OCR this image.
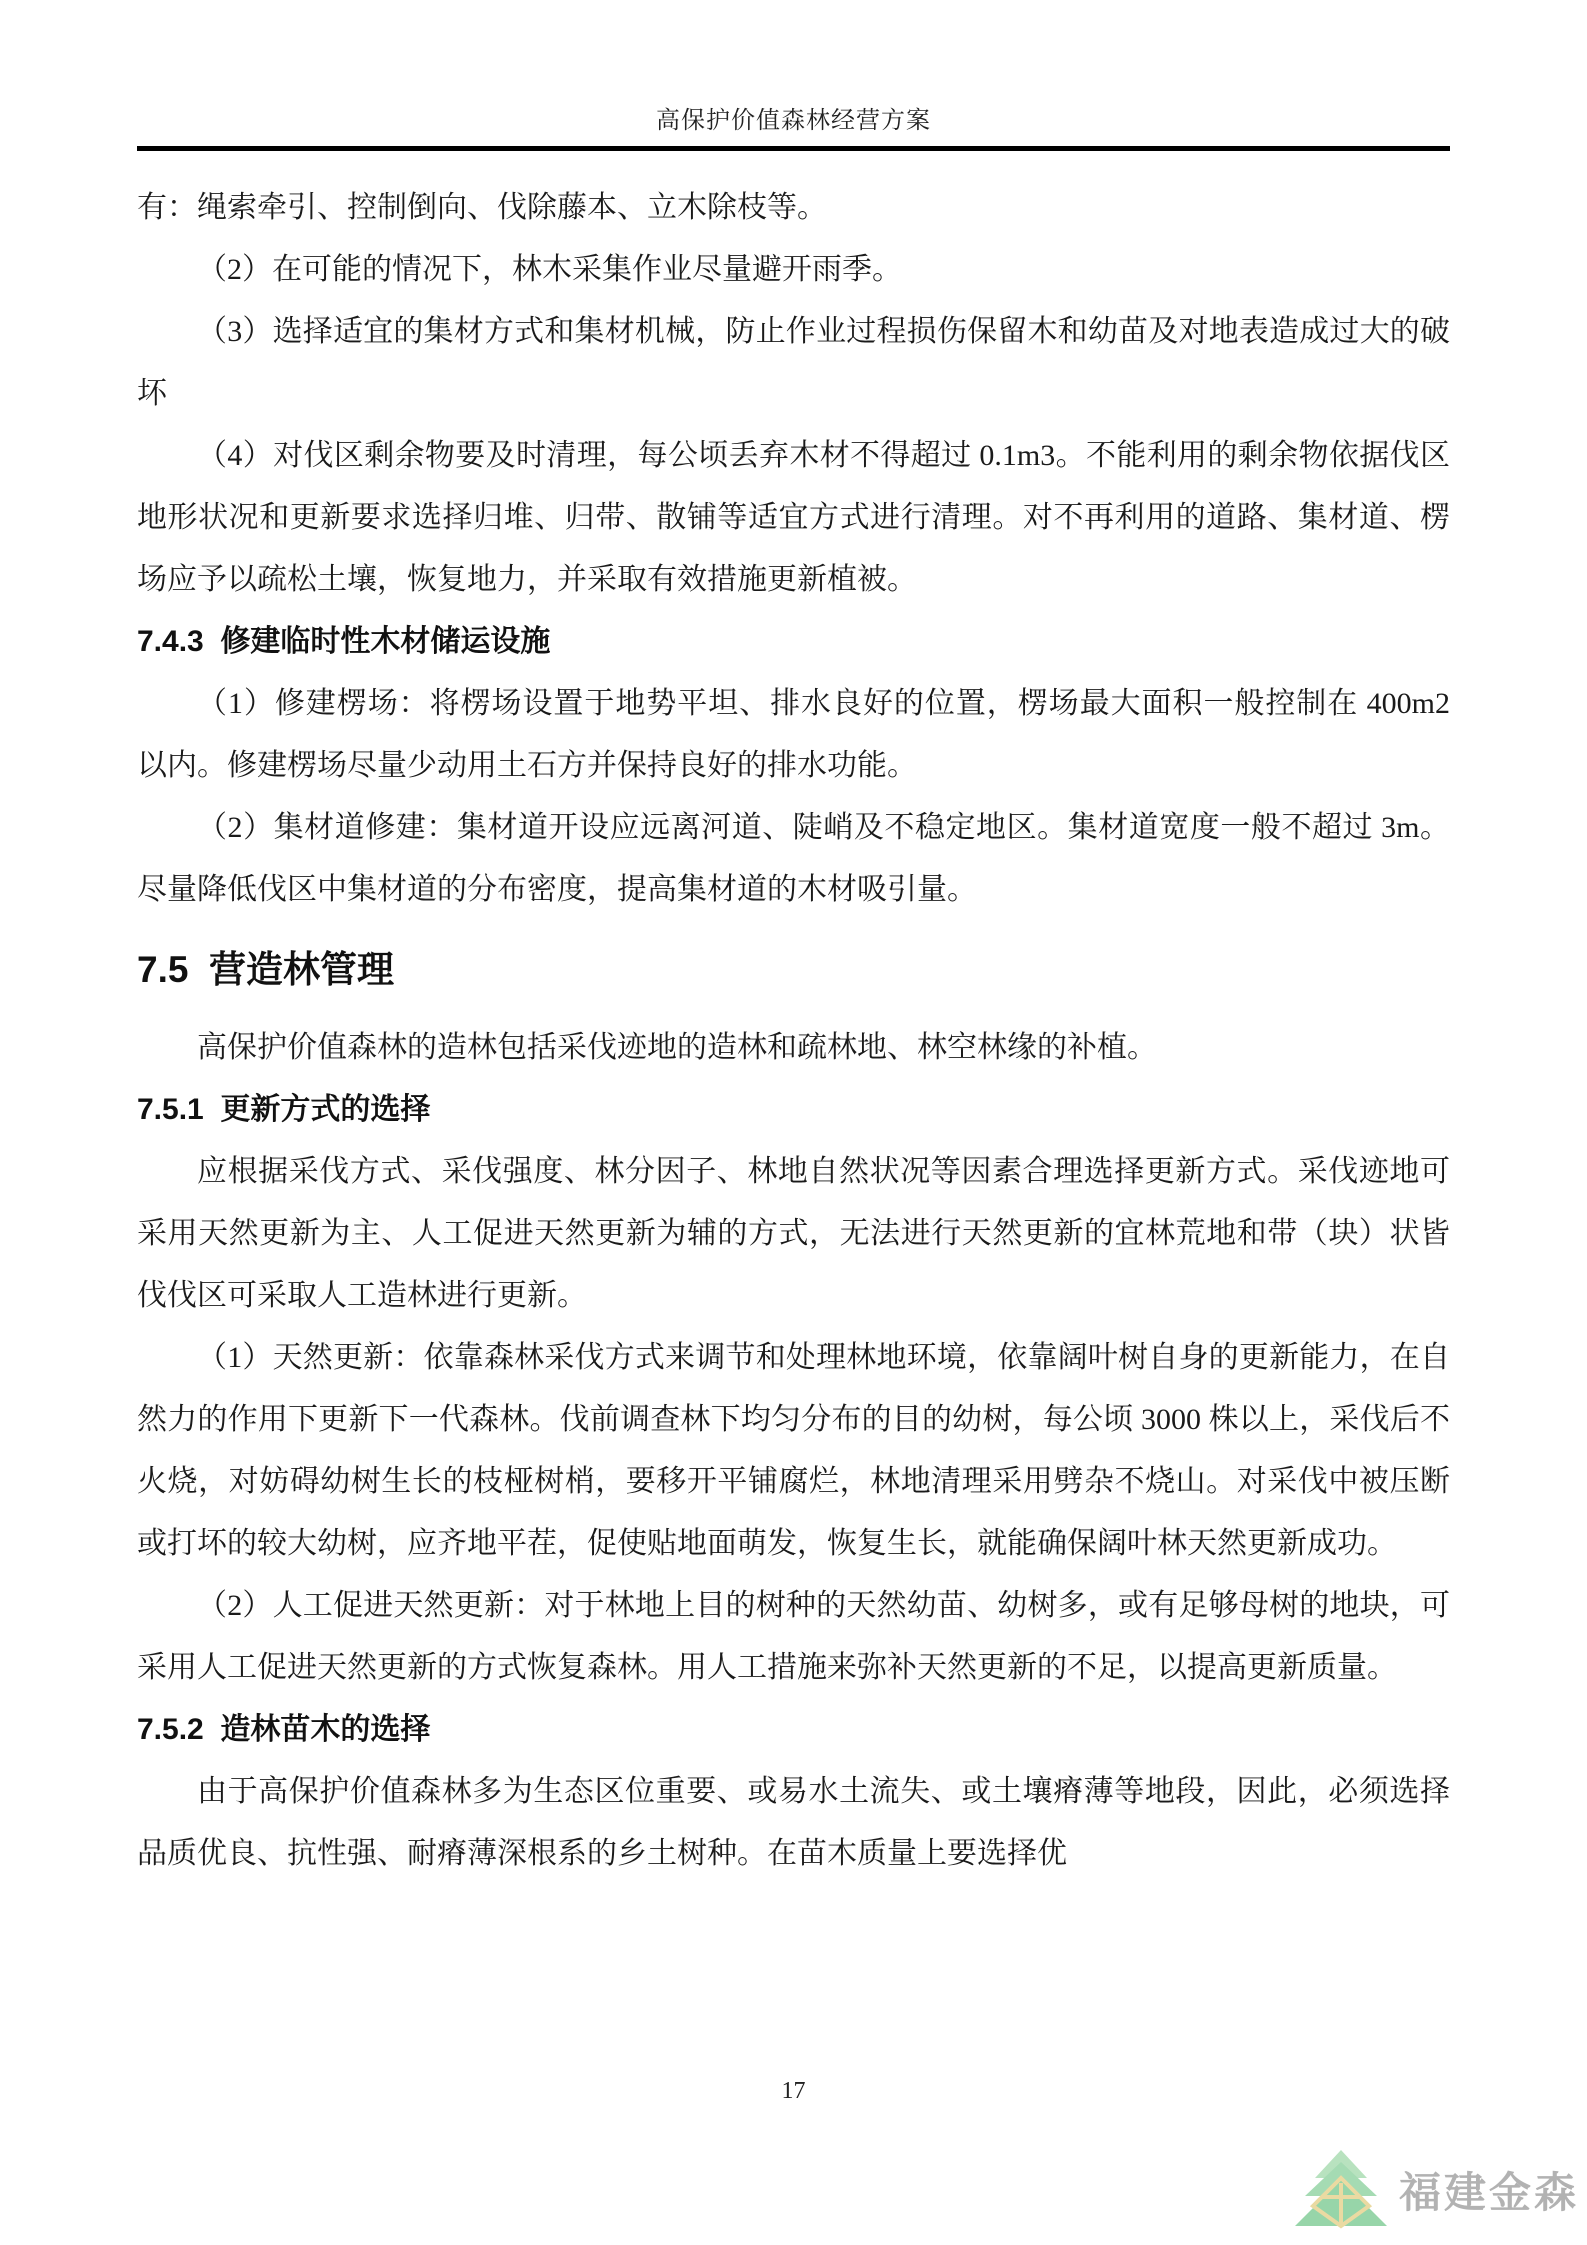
高保护价值森林经营方案

有：绳索牵引、控制倒向、伐除藤本、立木除枝等。

（2）在可能的情况下，林木采集作业尽量避开雨季。

（3）选择适宜的集材方式和集材机械，防止作业过程损伤保留木和幼苗及对地表造成过大的破坏

（4）对伐区剩余物要及时清理，每公顷丢弃木材不得超过 0.1m3。不能利用的剩余物依据伐区地形状况和更新要求选择归堆、归带、散铺等适宜方式进行清理。对不再利用的道路、集材道、楞场应予以疏松土壤，恢复地力，并采取有效措施更新植被。

7.4.3  修建临时性木材储运设施

（1）修建楞场：将楞场设置于地势平坦、排水良好的位置，楞场最大面积一般控制在 400m2 以内。修建楞场尽量少动用土石方并保持良好的排水功能。

（2）集材道修建：集材道开设应远离河道、陡峭及不稳定地区。集材道宽度一般不超过 3m。尽量降低伐区中集材道的分布密度，提高集材道的木材吸引量。

7.5  营造林管理

高保护价值森林的造林包括采伐迹地的造林和疏林地、林空林缘的补植。

7.5.1  更新方式的选择

应根据采伐方式、采伐强度、林分因子、林地自然状况等因素合理选择更新方式。采伐迹地可采用天然更新为主、人工促进天然更新为辅的方式，无法进行天然更新的宜林荒地和带（块）状皆伐伐区可采取人工造林进行更新。

（1）天然更新：依靠森林采伐方式来调节和处理林地环境，依靠阔叶树自身的更新能力，在自然力的作用下更新下一代森林。伐前调查林下均匀分布的目的幼树，每公顷 3000 株以上，采伐后不火烧，对妨碍幼树生长的枝桠树梢，要移开平铺腐烂，林地清理采用劈杂不烧山。对采伐中被压断或打坏的较大幼树，应齐地平茬，促使贴地面萌发，恢复生长，就能确保阔叶林天然更新成功。

（2）人工促进天然更新：对于林地上目的树种的天然幼苗、幼树多，或有足够母树的地块，可采用人工促进天然更新的方式恢复森林。用人工措施来弥补天然更新的不足，以提高更新质量。

7.5.2  造林苗木的选择

由于高保护价值森林多为生态区位重要、或易水土流失、或土壤瘠薄等地段，因此，必须选择品质优良、抗性强、耐瘠薄深根系的乡土树种。在苗木质量上要选择优

17
福建金森
